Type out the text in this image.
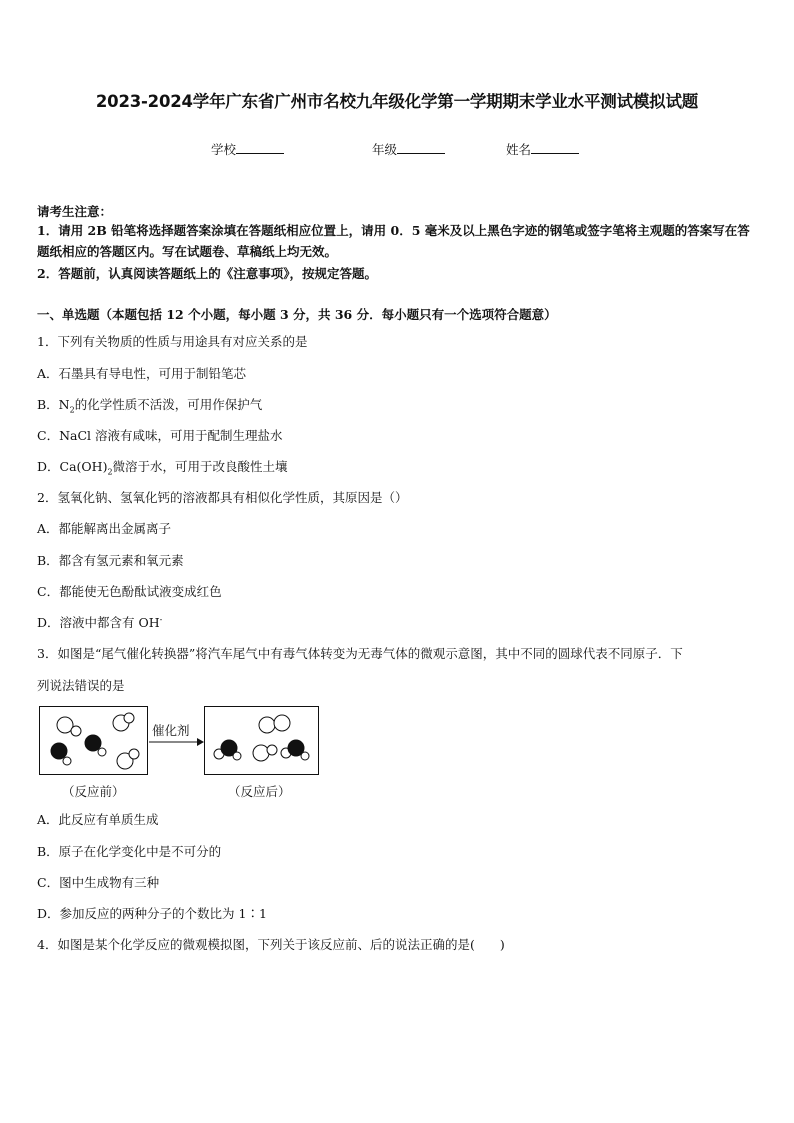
2023-2024学年广东省广州市名校九年级化学第一学期期末学业水平测试模拟试题
学校	年级	姓名
请考生注意：
1．请用 2B 铅笔将选择题答案涂填在答题纸相应位置上，请用 0．5 毫米及以上黑色字迹的钢笔或签字笔将主观题的答案写在答题纸相应的答题区内。写在试题卷、草稿纸上均无效。
2．答题前，认真阅读答题纸上的《注意事项》，按规定答题。
一、单选题（本题包括 12 个小题，每小题 3 分，共 36 分．每小题只有一个选项符合题意）
1．下列有关物质的性质与用途具有对应关系的是
A．石墨具有导电性，可用于制铅笔芯
B．$N_2$的化学性质不活泼，可用作保护气
C．NaCl 溶液有咸味，可用于配制生理盐水
D．$Ca(OH)_2$微溶于水，可用于改良酸性土壤
2．氢氧化钠、氢氧化钙的溶液都具有相似化学性质，其原因是（）
A．都能解离出金属离子
B．都含有氢元素和氧元素
C．都能使无色酚酞试液变成红色
D．溶液中都含有 OH-
3．如图是“尾气催化转换器”将汽车尾气中有毒气体转变为无毒气体的微观示意图，其中不同的圆球代表不同原子．下
列说法错误的是
催化剂
（反应前）	（反应后）
A．此反应有单质生成
B．原子在化学变化中是不可分的
C．图中生成物有三种
D．参加反应的两种分子的个数比为 1∶1
4．如图是某个化学反应的微观模拟图，下列关于该反应前、后的说法正确的是(　　)
